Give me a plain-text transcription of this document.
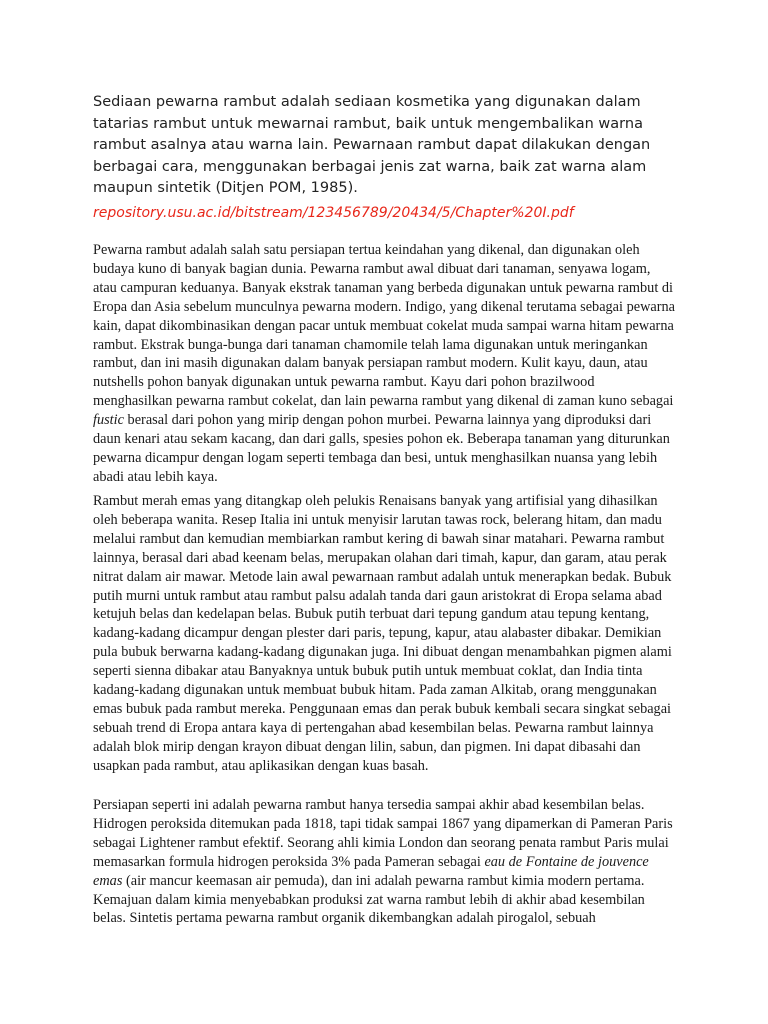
Sediaan pewarna rambut adalah sediaan kosmetika yang digunakan dalam tatarias rambut untuk mewarnai rambut, baik untuk mengembalikan warna rambut asalnya atau warna lain. Pewarnaan rambut dapat dilakukan dengan berbagai cara, menggunakan berbagai jenis zat warna, baik zat warna alam maupun sintetik (Ditjen POM, 1985).

repository.usu.ac.id/bitstream/123456789/20434/5/Chapter%20I.pdf

Pewarna rambut adalah salah satu persiapan tertua keindahan yang dikenal, dan digunakan oleh budaya kuno di banyak bagian dunia. Pewarna rambut awal dibuat dari tanaman, senyawa logam, atau campuran keduanya. Banyak ekstrak tanaman yang berbeda digunakan untuk pewarna rambut di Eropa dan Asia sebelum munculnya pewarna modern. Indigo, yang dikenal terutama sebagai pewarna kain, dapat dikombinasikan dengan pacar untuk membuat cokelat muda sampai warna hitam pewarna rambut. Ekstrak bunga-bunga dari tanaman chamomile telah lama digunakan untuk meringankan rambut, dan ini masih digunakan dalam banyak persiapan rambut modern. Kulit kayu, daun, atau nutshells pohon banyak digunakan untuk pewarna rambut. Kayu dari pohon brazilwood menghasilkan pewarna rambut cokelat, dan lain pewarna rambut yang dikenal di zaman kuno sebagai fustic berasal dari pohon yang mirip dengan pohon murbei. Pewarna lainnya yang diproduksi dari daun kenari atau sekam kacang, dan dari galls, spesies pohon ek. Beberapa tanaman yang diturunkan pewarna dicampur dengan logam seperti tembaga dan besi, untuk menghasilkan nuansa yang lebih abadi atau lebih kaya.

Rambut merah emas yang ditangkap oleh pelukis Renaisans banyak yang artifisial yang dihasilkan oleh beberapa wanita. Resep Italia ini untuk menyisir larutan tawas rock, belerang hitam, dan madu melalui rambut dan kemudian membiarkan rambut kering di bawah sinar matahari. Pewarna rambut lainnya, berasal dari abad keenam belas, merupakan olahan dari timah, kapur, dan garam, atau perak nitrat dalam air mawar. Metode lain awal pewarnaan rambut adalah untuk menerapkan bedak. Bubuk putih murni untuk rambut atau rambut palsu adalah tanda dari gaun aristokrat di Eropa selama abad ketujuh belas dan kedelapan belas. Bubuk putih terbuat dari tepung gandum atau tepung kentang, kadang-kadang dicampur dengan plester dari paris, tepung, kapur, atau alabaster dibakar. Demikian pula bubuk berwarna kadang-kadang digunakan juga. Ini dibuat dengan menambahkan pigmen alami seperti sienna dibakar atau Banyaknya untuk bubuk putih untuk membuat coklat, dan India tinta kadang-kadang digunakan untuk membuat bubuk hitam. Pada zaman Alkitab, orang menggunakan emas bubuk pada rambut mereka. Penggunaan emas dan perak bubuk kembali secara singkat sebagai sebuah trend di Eropa antara kaya di pertengahan abad kesembilan belas. Pewarna rambut lainnya adalah blok mirip dengan krayon dibuat dengan lilin, sabun, dan pigmen. Ini dapat dibasahi dan usapkan pada rambut, atau aplikasikan dengan kuas basah.

Persiapan seperti ini adalah pewarna rambut hanya tersedia sampai akhir abad kesembilan belas. Hidrogen peroksida ditemukan pada 1818, tapi tidak sampai 1867 yang dipamerkan di Pameran Paris sebagai Lightener rambut efektif. Seorang ahli kimia London dan seorang penata rambut Paris mulai memasarkan formula hidrogen peroksida 3% pada Pameran sebagai eau de Fontaine de jouvence emas (air mancur keemasan air pemuda), dan ini adalah pewarna rambut kimia modern pertama. Kemajuan dalam kimia menyebabkan produksi zat warna rambut lebih di akhir abad kesembilan belas. Sintetis pertama pewarna rambut organik dikembangkan adalah pirogalol, sebuah
